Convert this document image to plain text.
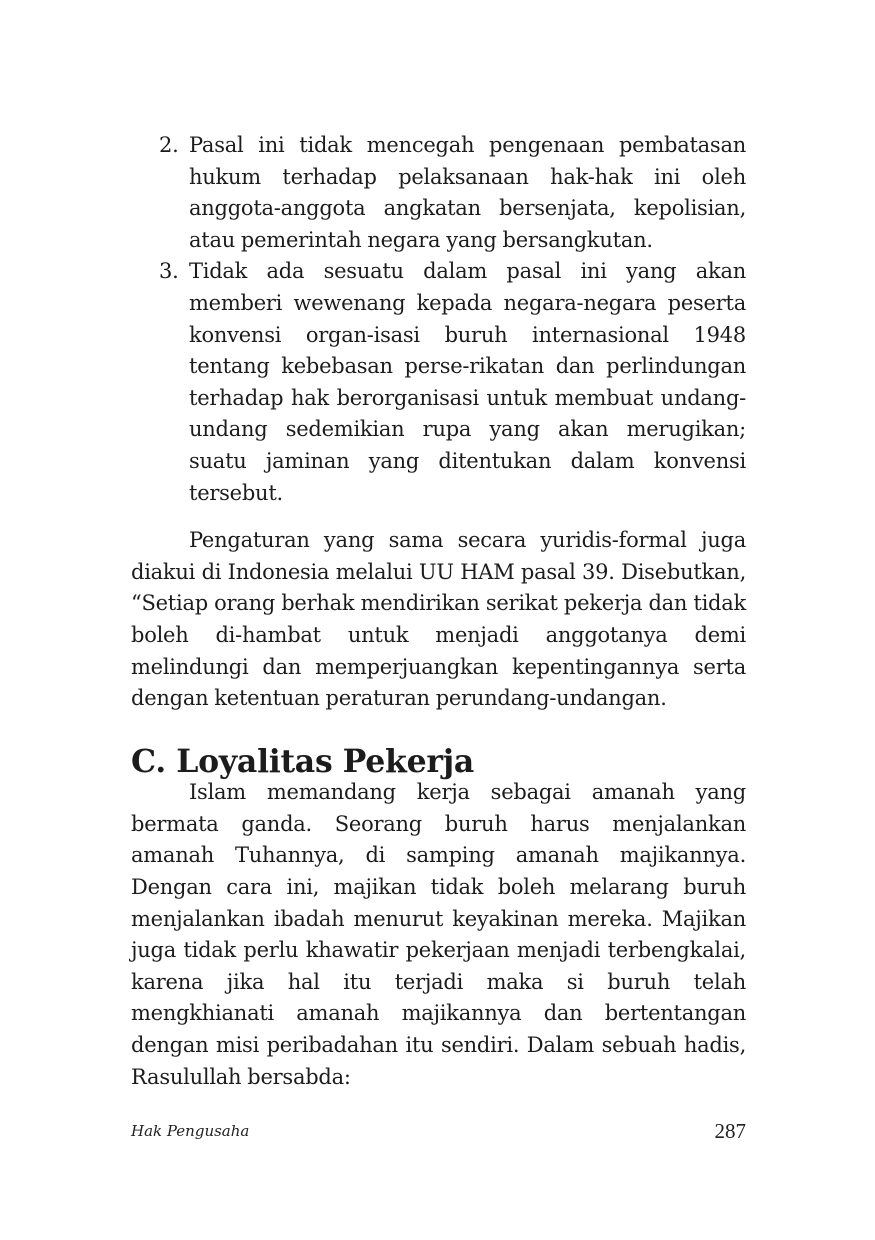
2. Pasal ini tidak mencegah pengenaan pembatasan hukum terhadap pelaksanaan hak-hak ini oleh anggota-anggota angkatan bersenjata, kepolisian, atau pemerintah negara yang bersangkutan.
3. Tidak ada sesuatu dalam pasal ini yang akan memberi wewenang kepada negara-negara peserta konvensi organ-isasi buruh internasional 1948 tentang kebebasan perse-rikatan dan perlindungan terhadap hak berorganisasi untuk membuat undang-undang sedemikian rupa yang akan merugikan; suatu jaminan yang ditentukan dalam konvensi tersebut.

Pengaturan yang sama secara yuridis-formal juga diakui di Indonesia melalui UU HAM pasal 39. Disebutkan, “Setiap orang berhak mendirikan serikat pekerja dan tidak boleh di-hambat untuk menjadi anggotanya demi melindungi dan memperjuangkan kepentingannya serta dengan ketentuan peraturan perundang-undangan.

C. Loyalitas Pekerja

Islam memandang kerja sebagai amanah yang bermata ganda. Seorang buruh harus menjalankan amanah Tuhannya, di samping amanah majikannya. Dengan cara ini, majikan tidak boleh melarang buruh menjalankan ibadah menurut keyakinan mereka. Majikan juga tidak perlu khawatir pekerjaan menjadi terbengkalai, karena jika hal itu terjadi maka si buruh telah mengkhianati amanah majikannya dan bertentangan dengan misi peribadahan itu sendiri. Dalam sebuah hadis, Rasulullah bersabda:

Hak Pengusaha	287
